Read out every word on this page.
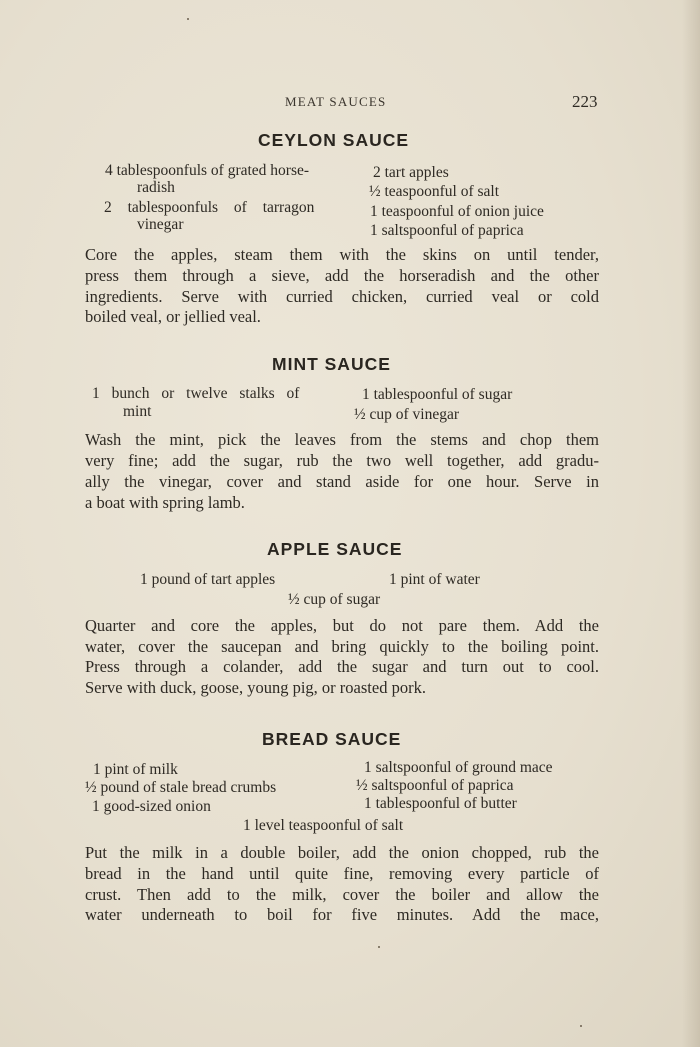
MEAT SAUCES	223
CEYLON SAUCE
4 tablespoonfuls of grated horse-
radish
2 tablespoonfuls of tarragon
vinegar
2 tart apples
½ teaspoonful of salt
1 teaspoonful of onion juice
1 saltspoonful of paprica
Core the apples, steam them with the skins on until tender,
press them through a sieve, add the horseradish and the other
ingredients. Serve with curried chicken, curried veal or cold
boiled veal, or jellied veal.
MINT SAUCE
1 bunch or twelve stalks of
mint
1 tablespoonful of sugar
½ cup of vinegar
Wash the mint, pick the leaves from the stems and chop them
very fine; add the sugar, rub the two well together, add gradu-
ally the vinegar, cover and stand aside for one hour. Serve in
a boat with spring lamb.
APPLE SAUCE
1 pound of tart apples	1 pint of water
½ cup of sugar
Quarter and core the apples, but do not pare them. Add the
water, cover the saucepan and bring quickly to the boiling point.
Press through a colander, add the sugar and turn out to cool.
Serve with duck, goose, young pig, or roasted pork.
BREAD SAUCE
1 pint of milk
½ pound of stale bread crumbs
1 good-sized onion
1 saltspoonful of ground mace
½ saltspoonful of paprica
1 tablespoonful of butter
1 level teaspoonful of salt
Put the milk in a double boiler, add the onion chopped, rub the
bread in the hand until quite fine, removing every particle of
crust. Then add to the milk, cover the boiler and allow the
water underneath to boil for five minutes. Add the mace,
